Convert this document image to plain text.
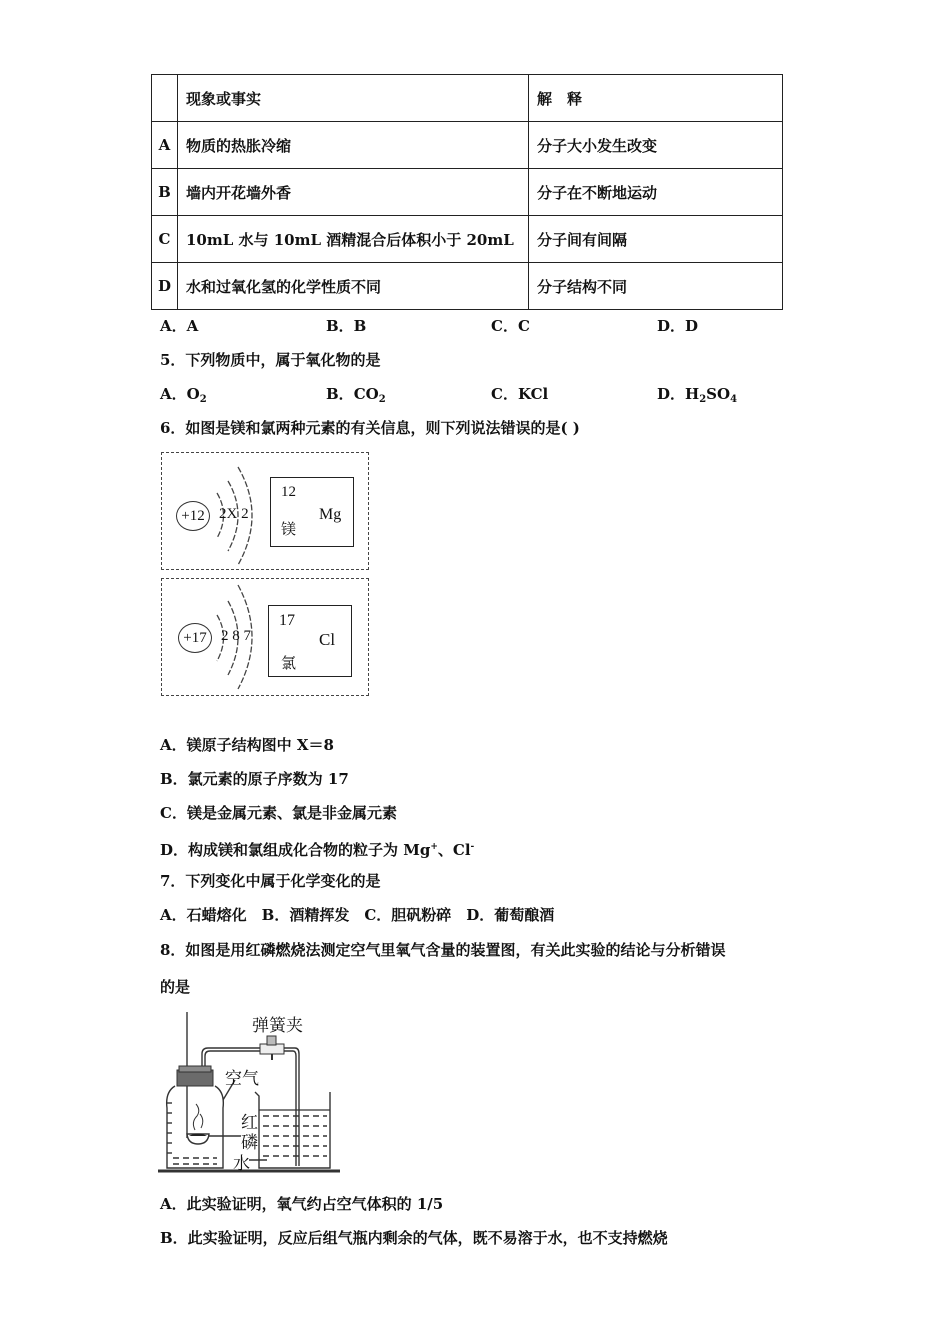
	现象或事实	解　释
A	物质的热胀冷缩	分子大小发生改变
B	墙内开花墙外香	分子在不断地运动
C	10mL 水与 10mL 酒精混合后体积小于 20mL	分子间有间隔
D	水和过氧化氢的化学性质不同	分子结构不同
A．A	B．B	C．C	D．D
5．下列物质中，属于氧化物的是
A．$O_2$	B．$CO_2$	C．KCl	D．$H_2SO_4$
6．如图是镁和氯两种元素的有关信息，则下列说法错误的是( )
+12 2X 2
12
Mg
镁
+17 2 8 7
17
Cl
氯
A．镁原子结构图中 X＝8
B．氯元素的原子序数为 17
C．镁是金属元素、氯是非金属元素
D．构成镁和氯组成化合物的粒子为 Mg+、Cl-
7．下列变化中属于化学变化的是
A．石蜡熔化　B．酒精挥发　C．胆矾粉碎　D．葡萄酿酒
8．如图是用红磷燃烧法测定空气里氧气含量的装置图，有关此实验的结论与分析错误
的是
弹簧夹
空气
红
磷
水
A．此实验证明，氧气约占空气体积的 1/5
B．此实验证明，反应后组气瓶内剩余的气体，既不易溶于水，也不支持燃烧
